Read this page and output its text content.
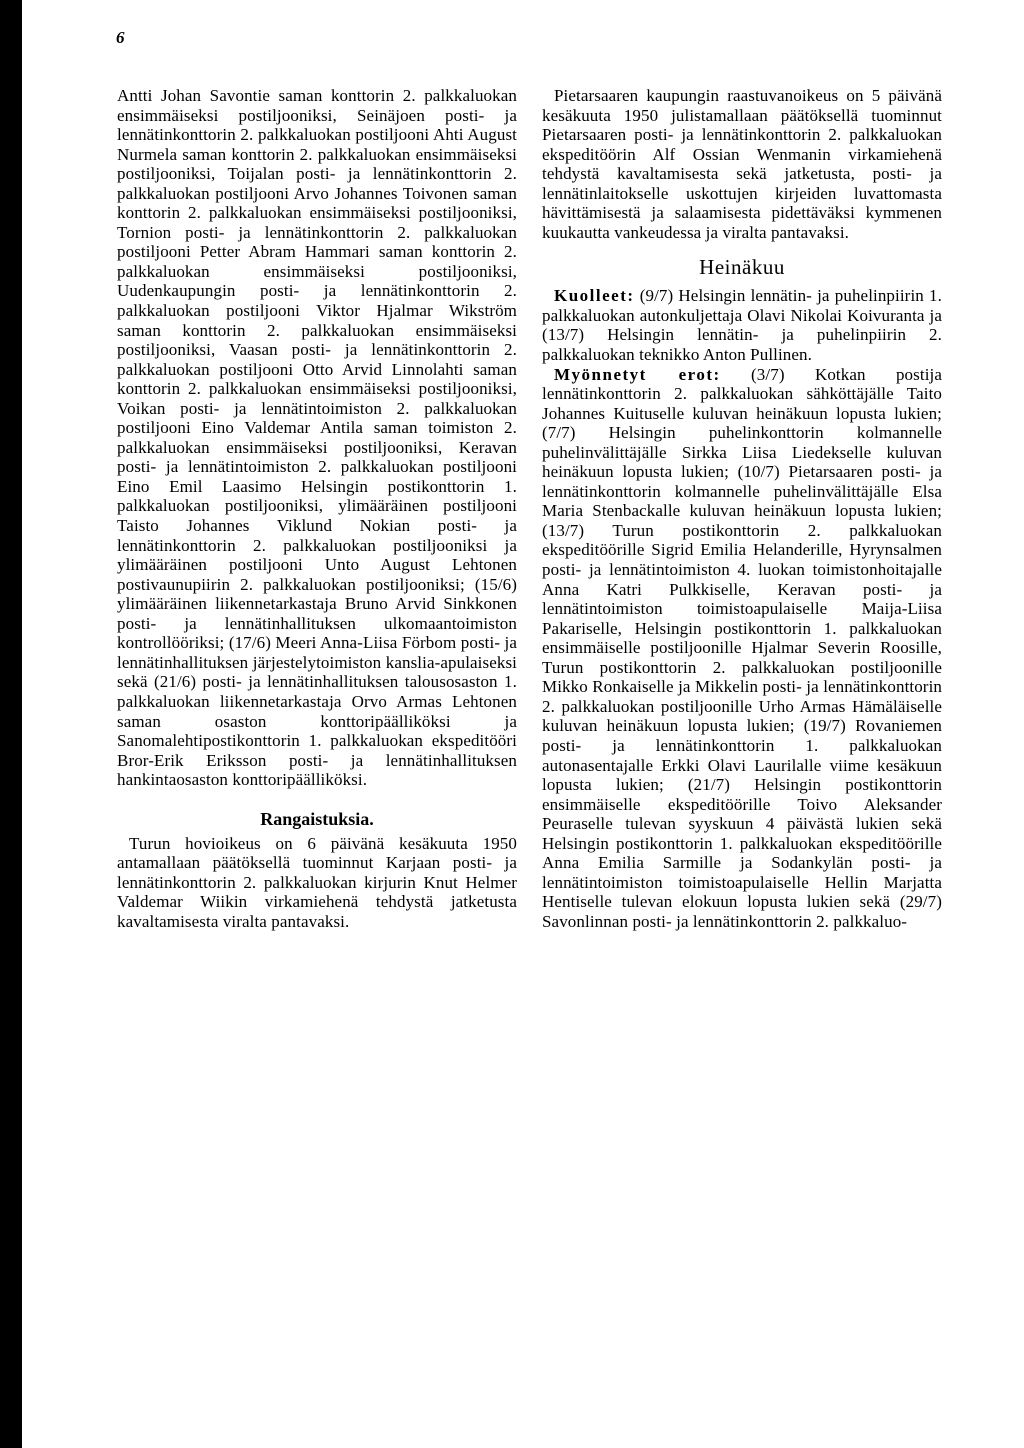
6

Antti Johan Savontie saman konttorin 2. palkkaluokan ensimmäiseksi postiljooniksi, Seinäjoen posti- ja lennätinkonttorin 2. palkkaluokan postiljooni Ahti August Nurmela saman konttorin 2. palkkaluokan ensimmäiseksi postiljooniksi, Toijalan posti- ja lennätinkonttorin 2. palkkaluokan postiljooni Arvo Johannes Toivonen saman konttorin 2. palkkaluokan ensimmäiseksi postiljooniksi, Tornion posti- ja lennätinkonttorin 2. palkkaluokan postiljooni Petter Abram Hammari saman konttorin 2. palkkaluokan ensimmäiseksi postiljooniksi, Uudenkaupungin posti- ja lennätinkonttorin 2. palkkaluokan postiljooni Viktor Hjalmar Wikström saman konttorin 2. palkkaluokan ensimmäiseksi postiljooniksi, Vaasan posti- ja lennätinkonttorin 2. palkkaluokan postiljooni Otto Arvid Linnolahti saman konttorin 2. palkkaluokan ensimmäiseksi postiljooniksi, Voikan posti- ja lennätintoimiston 2. palkkaluokan postiljooni Eino Valdemar Antila saman toimiston 2. palkkaluokan ensimmäiseksi postiljooniksi, Keravan posti- ja lennätintoimiston 2. palkkaluokan postiljooni Eino Emil Laasimo Helsingin postikonttorin 1. palkkaluokan postiljooniksi, ylimääräinen postiljooni Taisto Johannes Viklund Nokian posti- ja lennätinkonttorin 2. palkkaluokan postiljooniksi ja ylimääräinen postiljooni Unto August Lehtonen postivaunupiirin 2. palkkaluokan postiljooniksi; (15/6) ylimääräinen liikennetarkastaja Bruno Arvid Sinkkonen posti- ja lennätinhallituksen ulkomaantoimiston kontrollööriksi; (17/6) Meeri Anna-Liisa Förbom posti- ja lennätinhallituksen järjestelytoimiston kanslia-apulaiseksi sekä (21/6) posti- ja lennätinhallituksen talousosaston 1. palkkaluokan liikennetarkastaja Orvo Armas Lehtonen saman osaston konttoripäälliköksi ja Sanomalehtipostikonttorin 1. palkkaluokan ekspeditööri Bror-Erik Eriksson posti- ja lennätinhallituksen hankintaosaston konttoripäälliköksi.

Rangaistuksia.

Turun hovioikeus on 6 päivänä kesäkuuta 1950 antamallaan päätöksellä tuominnut Karjaan posti- ja lennätinkonttorin 2. palkkaluokan kirjurin Knut Helmer Valdemar Wiikin virkamiehenä tehdystä jatketusta kavaltamisesta viralta pantavaksi.

Pietarsaaren kaupungin raastuvanoikeus on 5 päivänä kesäkuuta 1950 julistamallaan päätöksellä tuominnut Pietarsaaren posti- ja lennätinkonttorin 2. palkkaluokan ekspeditöörin Alf Ossian Wenmanin virkamiehenä tehdystä kavaltamisesta sekä jatketusta, posti- ja lennätinlaitokselle uskottujen kirjeiden luvattomasta hävittämisestä ja salaamisesta pidettäväksi kymmenen kuukautta vankeudessa ja viralta pantavaksi.

Heinäkuu

Kuolleet: (9/7) Helsingin lennätin- ja puhelinpiirin 1. palkkaluokan autonkuljettaja Olavi Nikolai Koivuranta ja (13/7) Helsingin lennätin- ja puhelinpiirin 2. palkkaluokan teknikko Anton Pullinen.

Myönnetyt erot: (3/7) Kotkan postija lennätinkonttorin 2. palkkaluokan sähköttäjälle Taito Johannes Kuituselle kuluvan heinäkuun lopusta lukien; (7/7) Helsingin puhelinkonttorin kolmannelle puhelinvälittäjälle Sirkka Liisa Liedekselle kuluvan heinäkuun lopusta lukien; (10/7) Pietarsaaren posti- ja lennätinkonttorin kolmannelle puhelinvälittäjälle Elsa Maria Stenbackalle kuluvan heinäkuun lopusta lukien; (13/7) Turun postikonttorin 2. palkkaluokan ekspeditöörille Sigrid Emilia Helanderille, Hyrynsalmen posti- ja lennätintoimiston 4. luokan toimistonhoitajalle Anna Katri Pulkkiselle, Keravan posti- ja lennätintoimiston toimistoapulaiselle Maija-Liisa Pakariselle, Helsingin postikonttorin 1. palkkaluokan ensimmäiselle postiljoonille Hjalmar Severin Roosille, Turun postikonttorin 2. palkkaluokan postiljoonille Mikko Ronkaiselle ja Mikkelin posti- ja lennätinkonttorin 2. palkkaluokan postiljoonille Urho Armas Hämäläiselle kuluvan heinäkuun lopusta lukien; (19/7) Rovaniemen posti- ja lennätinkonttorin 1. palkkaluokan autonasentajalle Erkki Olavi Laurilalle viime kesäkuun lopusta lukien; (21/7) Helsingin postikonttorin ensimmäiselle ekspeditöörille Toivo Aleksander Peuraselle tulevan syyskuun 4 päivästä lukien sekä Helsingin postikonttorin 1. palkkaluokan ekspeditöörille Anna Emilia Sarmille ja Sodankylän posti- ja lennätintoimiston toimistoapulaiselle Hellin Marjatta Hentiselle tulevan elokuun lopusta lukien sekä (29/7) Savonlinnan posti- ja lennätinkonttorin 2. palkkaluo-
